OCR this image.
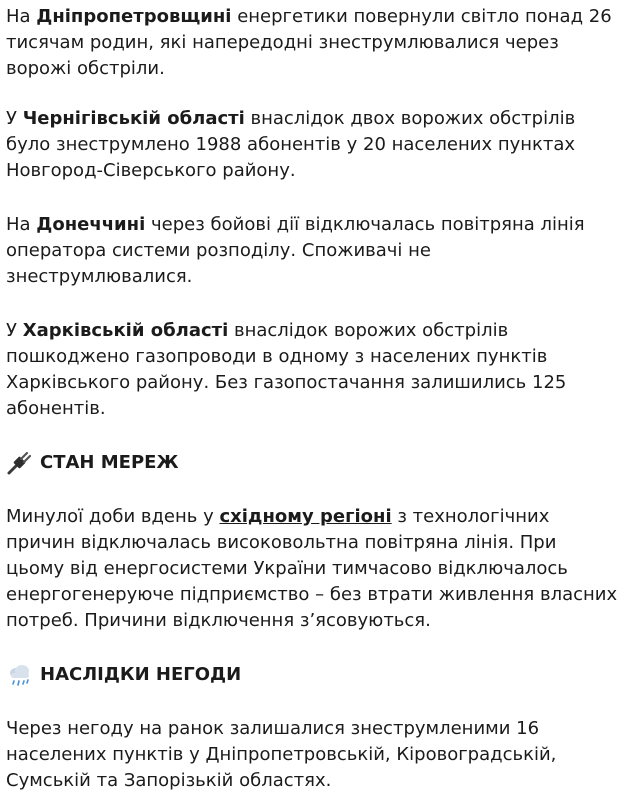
На Дніпропетровщині енергетики повернули світло понад 26 тисячам родин, які напередодні знеструмлювалися через ворожі обстріли.

У Чернігівській області внаслідок двох ворожих обстрілів було знеструмлено 1988 абонентів у 20 населених пунктах Новгород-Сіверського району.

На Донеччині через бойові дії відключалась повітряна лінія оператора системи розподілу. Споживачі не знеструмлювалися.

У Харківській області внаслідок ворожих обстрілів пошкоджено газопроводи в одному з населених пунктів Харківського району. Без газопостачання залишились 125 абонентів.

СТАН МЕРЕЖ

Минулої доби вдень у східному регіоні з технологічних причин відключалась високовольтна повітряна лінія. При цьому від енергосистеми України тимчасово відключалось енергогенеруюче підприємство – без втрати живлення власних потреб. Причини відключення з’ясовуються.

НАСЛІДКИ НЕГОДИ

Через негоду на ранок залишалися знеструмленими 16 населених пунктів у Дніпропетровській, Кіровоградській, Сумській та Запорізькій областях.
